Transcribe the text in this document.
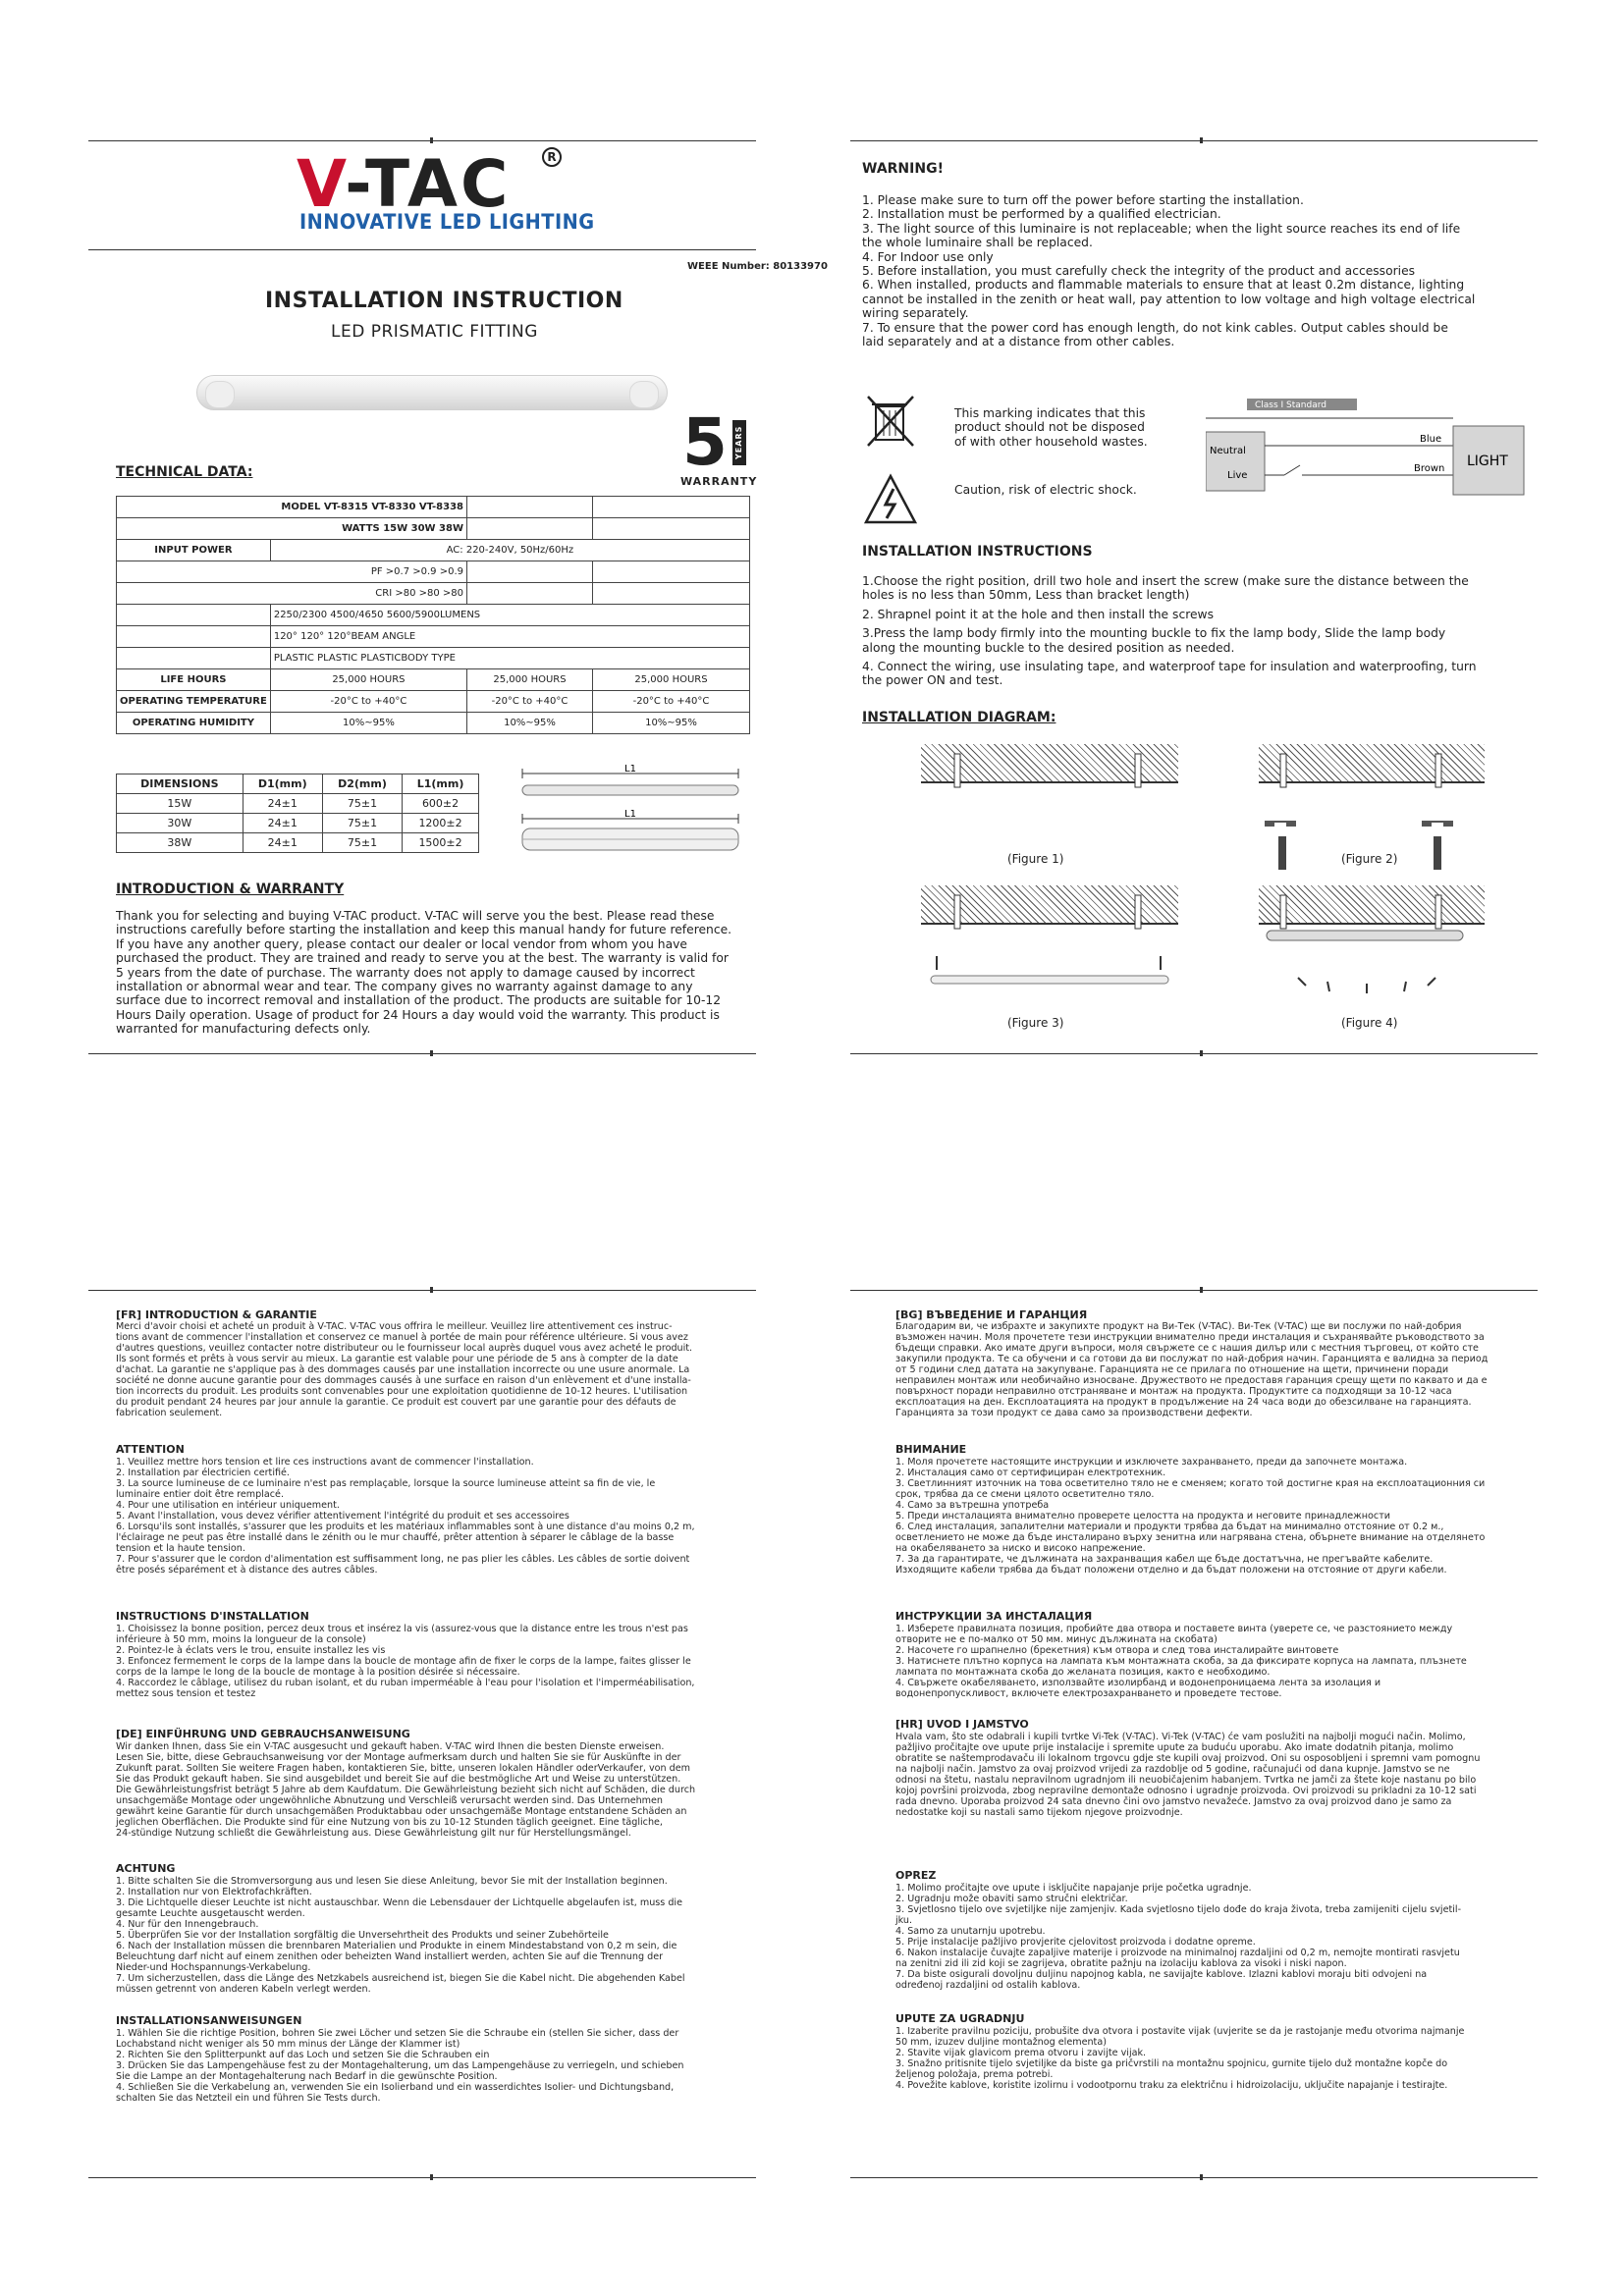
V-TAC	R
INNOVATIVE LED LIGHTING
WEEE Number: 80133970
INSTALLATION INSTRUCTION
LED PRISMATIC FITTING
5 YEARS
WARRANTY
TECHNICAL DATA:
MODEL VT-8315 VT-8330 VT-8338			
WATTS 15W 30W 38W			
INPUT POWER	AC: 220-240V, 50Hz/60Hz		
PF >0.7 >0.9 >0.9			
CRI >80 >80 >80			
	2250/2300 4500/4650 5600/5900LUMENS		
	120° 120° 120°BEAM ANGLE		
	PLASTIC PLASTIC PLASTICBODY TYPE		
LIFE HOURS	25,000 HOURS	25,000 HOURS	25,000 HOURS
OPERATING TEMPERATURE	-20°C to +40°C	-20°C to +40°C	-20°C to +40°C
OPERATING HUMIDITY	10%~95%	10%~95%	10%~95%
DIMENSIONS	D1(mm)	D2(mm)	L1(mm)
15W	24±1	75±1	600±2
30W	24±1	75±1	1200±2
38W	24±1	75±1	1500±2
L1
L1
INTRODUCTION & WARRANTY
Thank you for selecting and buying V-TAC product. V-TAC will serve you the best. Please read these
instructions carefully before starting the installation and keep this manual handy for future reference.
If you have any another query, please contact our dealer or local vendor from whom you have
purchased the product. They are trained and ready to serve you at the best. The warranty is valid for
5 years from the date of purchase. The warranty does not apply to damage caused by incorrect
installation or abnormal wear and tear. The company gives no warranty against damage to any
surface due to incorrect removal and installation of the product. The products are suitable for 10-12
Hours Daily operation. Usage of product for 24 Hours a day would void the warranty. This product is
warranted for manufacturing defects only.
WARNING!
1. Please make sure to turn off the power before starting the installation.
2. Installation must be performed by a qualified electrician.
3. The light source of this luminaire is not replaceable; when the light source reaches its end of life
the whole luminaire shall be replaced.
4. For Indoor use only
5. Before installation, you must carefully check the integrity of the product and accessories
6. When installed, products and flammable materials to ensure that at least 0.2m distance, lighting
cannot be installed in the zenith or heat wall, pay attention to low voltage and high voltage electrical
wiring separately.
7. To ensure that the power cord has enough length, do not kink cables. Output cables should be
laid separately and at a distance from other cables.
This marking indicates that this
product should not be disposed
of with other household wastes.
Caution, risk of electric shock.
Class I Standard
Neutral
Live
Blue
Brown LIGHT
INSTALLATION INSTRUCTIONS
1.Choose the right position, drill two hole and insert the screw (make sure the distance between the
holes is no less than 50mm, Less than bracket length)
2. Shrapnel point it at the hole and then install the screws
3.Press the lamp body firmly into the mounting buckle to fix the lamp body, Slide the lamp body
along the mounting buckle to the desired position as needed.
4. Connect the wiring, use insulating tape, and waterproof tape for insulation and waterproofing, turn
the power ON and test.
INSTALLATION DIAGRAM:
(Figure 1)	(Figure 2)
(Figure 3)	(Figure 4)
[FR] INTRODUCTION & GARANTIE
Merci d'avoir choisi et acheté un produit à V-TAC. V-TAC vous offrira le meilleur. Veuillez lire attentivement ces instruc-
tions avant de commencer l'installation et conservez ce manuel à portée de main pour référence ultérieure. Si vous avez
d'autres questions, veuillez contacter notre distributeur ou le fournisseur local auprès duquel vous avez acheté le produit.
Ils sont formés et prêts à vous servir au mieux. La garantie est valable pour une période de 5 ans à compter de la date
d'achat. La garantie ne s'applique pas à des dommages causés par une installation incorrecte ou une usure anormale. La
société ne donne aucune garantie pour des dommages causés à une surface en raison d'un enlèvement et d'une installa-
tion incorrects du produit. Les produits sont convenables pour une exploitation quotidienne de 10-12 heures. L'utilisation
du produit pendant 24 heures par jour annule la garantie. Ce produit est couvert par une garantie pour des défauts de
fabrication seulement.
ATTENTION
1. Veuillez mettre hors tension et lire ces instructions avant de commencer l'installation.
2. Installation par électricien certifié.
3. La source lumineuse de ce luminaire n'est pas remplaçable, lorsque la source lumineuse atteint sa fin de vie, le
luminaire entier doit être remplacé.
4. Pour une utilisation en intérieur uniquement.
5. Avant l'installation, vous devez vérifier attentivement l'intégrité du produit et ses accessoires
6. Lorsqu'ils sont installés, s'assurer que les produits et les matériaux inflammables sont à une distance d'au moins 0,2 m,
l'éclairage ne peut pas être installé dans le zénith ou le mur chauffé, prêter attention à séparer le câblage de la basse
tension et la haute tension.
7. Pour s'assurer que le cordon d'alimentation est suffisamment long, ne pas plier les câbles. Les câbles de sortie doivent
être posés séparément et à distance des autres câbles.
INSTRUCTIONS D'INSTALLATION
1. Choisissez la bonne position, percez deux trous et insérez la vis (assurez-vous que la distance entre les trous n'est pas
inférieure à 50 mm, moins la longueur de la console)
2. Pointez-le à éclats vers le trou, ensuite installez les vis
3. Enfoncez fermement le corps de la lampe dans la boucle de montage afin de fixer le corps de la lampe, faites glisser le
corps de la lampe le long de la boucle de montage à la position désirée si nécessaire.
4. Raccordez le câblage, utilisez du ruban isolant, et du ruban imperméable à l'eau pour l'isolation et l'imperméabilisation,
mettez sous tension et testez
[DE] EINFÜHRUNG UND GEBRAUCHSANWEISUNG
Wir danken Ihnen, dass Sie ein V-TAC ausgesucht und gekauft haben. V-TAC wird Ihnen die besten Dienste erweisen.
Lesen Sie, bitte, diese Gebrauchsanweisung vor der Montage aufmerksam durch und halten Sie sie für Auskünfte in der
Zukunft parat. Sollten Sie weitere Fragen haben, kontaktieren Sie, bitte, unseren lokalen Händler oderVerkaufer, von dem
Sie das Produkt gekauft haben. Sie sind ausgebildet und bereit Sie auf die bestmögliche Art und Weise zu unterstützen.
Die Gewährleistungsfrist beträgt 5 Jahre ab dem Kaufdatum. Die Gewährleistung bezieht sich nicht auf Schäden, die durch
unsachgemäße Montage oder ungewöhnliche Abnutzung und Verschleiß verursacht werden sind. Das Unternehmen
gewährt keine Garantie für durch unsachgemäßen Produktabbau oder unsachgemäße Montage entstandene Schäden an
jeglichen Oberflächen. Die Produkte sind für eine Nutzung von bis zu 10-12 Stunden täglich geeignet. Eine tägliche,
24-stündige Nutzung schließt die Gewährleistung aus. Diese Gewährleistung gilt nur für Herstellungsmängel.
ACHTUNG
1. Bitte schalten Sie die Stromversorgung aus und lesen Sie diese Anleitung, bevor Sie mit der Installation beginnen.
2. Installation nur von Elektrofachkräften.
3. Die Lichtquelle dieser Leuchte ist nicht austauschbar. Wenn die Lebensdauer der Lichtquelle abgelaufen ist, muss die
gesamte Leuchte ausgetauscht werden.
4. Nur für den Innengebrauch.
5. Überprüfen Sie vor der Installation sorgfältig die Unversehrtheit des Produkts und seiner Zubehörteile
6. Nach der Installation müssen die brennbaren Materialien und Produkte in einem Mindestabstand von 0,2 m sein, die
Beleuchtung darf nicht auf einem zenithen oder beheizten Wand installiert werden, achten Sie auf die Trennung der
Nieder-und Hochspannungs-Verkabelung.
7. Um sicherzustellen, dass die Länge des Netzkabels ausreichend ist, biegen Sie die Kabel nicht. Die abgehenden Kabel
müssen getrennt von anderen Kabeln verlegt werden.
INSTALLATIONSANWEISUNGEN
1. Wählen Sie die richtige Position, bohren Sie zwei Löcher und setzen Sie die Schraube ein (stellen Sie sicher, dass der
Lochabstand nicht weniger als 50 mm minus der Länge der Klammer ist)
2. Richten Sie den Splitterpunkt auf das Loch und setzen Sie die Schrauben ein
3. Drücken Sie das Lampengehäuse fest zu der Montagehalterung, um das Lampengehäuse zu verriegeln, und schieben
Sie die Lampe an der Montagehalterung nach Bedarf in die gewünschte Position.
4. Schließen Sie die Verkabelung an, verwenden Sie ein Isolierband und ein wasserdichtes Isolier- und Dichtungsband,
schalten Sie das Netzteil ein und führen Sie Tests durch.
[BG] ВЪВЕДЕНИЕ И ГАРАНЦИЯ
Благодарим ви, че избрахте и закупихте продукт на Ви-Тек (V-TAC). Ви-Тек (V-TAC) ще ви послужи по най-добрия
възможен начин. Моля прочетете тези инструкции внимателно преди инсталация и съхранявайте ръководството за
бъдещи справки. Ако имате други въпроси, моля свържете се с нашия дилър или с местния търговец, от който сте
закупили продукта. Те са обучени и са готови да ви послужат по най-добрия начин. Гаранцията е валидна за период
от 5 години след датата на закупуване. Гаранцията не се прилага по отношение на щети, причинени поради
неправилен монтаж или необичайно износване. Дружеството не предоставя гаранция срещу щети по каквато и да е
повърхност поради неправилно отстраняване и монтаж на продукта. Продуктите са подходящи за 10-12 часа
експлоатация на ден. Експлоатацията на продукт в продължение на 24 часа води до обезсилване на гаранцията.
Гаранцията за този продукт се дава само за производствени дефекти.
ВНИМАНИЕ
1. Моля прочетете настоящите инструкции и изключете захранването, преди да започнете монтажа.
2. Инсталация само от сертифициран електротехник.
3. Светлинният източник на това осветително тяло не е сменяем; когато той достигне края на експлоатационния си
срок, трябва да се смени цялото осветително тяло.
4. Само за вътрешна употреба
5. Преди инсталацията внимателно проверете целостта на продукта и неговите принадлежности
6. След инсталация, запалителни материали и продукти трябва да бъдат на минимално отстояние от 0.2 м.,
осветлението не може да бъде инсталирано върху зенитна или нагрявана стена, обърнете внимание на отделянето
на окабеляването за ниско и високо напрежение.
7. За да гарантирате, че дължината на захранващия кабел ще бъде достатъчна, не прегъвайте кабелите.
Изходящите кабели трябва да бъдат положени отделно и да бъдат положени на отстояние от други кабели.
ИНСТРУКЦИИ ЗА ИНСТАЛАЦИЯ
1. Изберете правилната позиция, пробийте два отвора и поставете винта (уверете се, че разстоянието между
отворите не е по-малко от 50 мм. минус дължината на скобата)
2. Насочете го шрапнелно (брекетния) към отвора и след това инсталирайте винтовете
3. Натиснете плътно корпуса на лампата към монтажната скоба, за да фиксирате корпуса на лампата, плъзнете
лампата по монтажната скоба до желаната позиция, както е необходимо.
4. Свържете окабеляването, използвайте изолирбанд и водонепроницаема лента за изолация и
водонепропускливост, включете електрозахранването и проведете тестове.
[HR] UVOD I JAMSTVO
Hvala vam, što ste odabrali i kupili tvrtke Vi-Tek (V-TAC). Vi-Tek (V-TAC) će vam poslužiti na najbolji mogući način. Molimo,
pažljivo pročitajte ove upute prije instalacije i spremite upute za buduću uporabu. Ako imate dodatnih pitanja, molimo
obratite se naštemprodavaču ili lokalnom trgovcu gdje ste kupili ovaj proizvod. Oni su osposobljeni i spremni vam pomognu
na najbolji način. Jamstvo za ovaj proizvod vrijedi za razdoblje od 5 godine, računajući od dana kupnje. Jamstvo se ne
odnosi na štetu, nastalu nepravilnom ugradnjom ili neuobičajenim habanjem. Tvrtka ne jamči za štete koje nastanu po bilo
kojoj površini proizvoda, zbog nepravilne demontaže odnosno i ugradnje proizvoda. Ovi proizvodi su prikladni za 10-12 sati
rada dnevno. Uporaba proizvod 24 sata dnevno čini ovo jamstvo nevažeće. Jamstvo za ovaj proizvod dano je samo za
nedostatke koji su nastali samo tijekom njegove proizvodnje.
OPREZ
1. Molimo pročitajte ove upute i isključite napajanje prije početka ugradnje.
2. Ugradnju može obaviti samo stručni električar.
3. Svjetlosno tijelo ove svjetiljke nije zamjenjiv. Kada svjetlosno tijelo dođe do kraja života, treba zamijeniti cijelu svjetil-
jku.
4. Samo za unutarnju upotrebu.
5. Prije instalacije pažljivo provjerite cjelovitost proizvoda i dodatne opreme.
6. Nakon instalacije čuvajte zapaljive materije i proizvode na minimalnoj razdaljini od 0,2 m, nemojte montirati rasvjetu
na zenitni zid ili zid koji se zagrijeva, obratite pažnju na izolaciju kablova za visoki i niski napon.
7. Da biste osigurali dovoljnu duljinu napojnog kabla, ne savijajte kablove. Izlazni kablovi moraju biti odvojeni na
određenoj razdaljini od ostalih kablova.
UPUTE ZA UGRADNJU
1. Izaberite pravilnu poziciju, probušite dva otvora i postavite vijak (uvjerite se da je rastojanje među otvorima najmanje
50 mm, izuzev duljine montažnog elementa)
2. Stavite vijak glavicom prema otvoru i zavijte vijak.
3. Snažno pritisnite tijelo svjetiljke da biste ga pričvrstili na montažnu spojnicu, gurnite tijelo duž montažne kopče do
željenog položaja, prema potrebi.
4. Povežite kablove, koristite izolirnu i vodootpornu traku za električnu i hidroizolaciju, uključite napajanje i testirajte.
